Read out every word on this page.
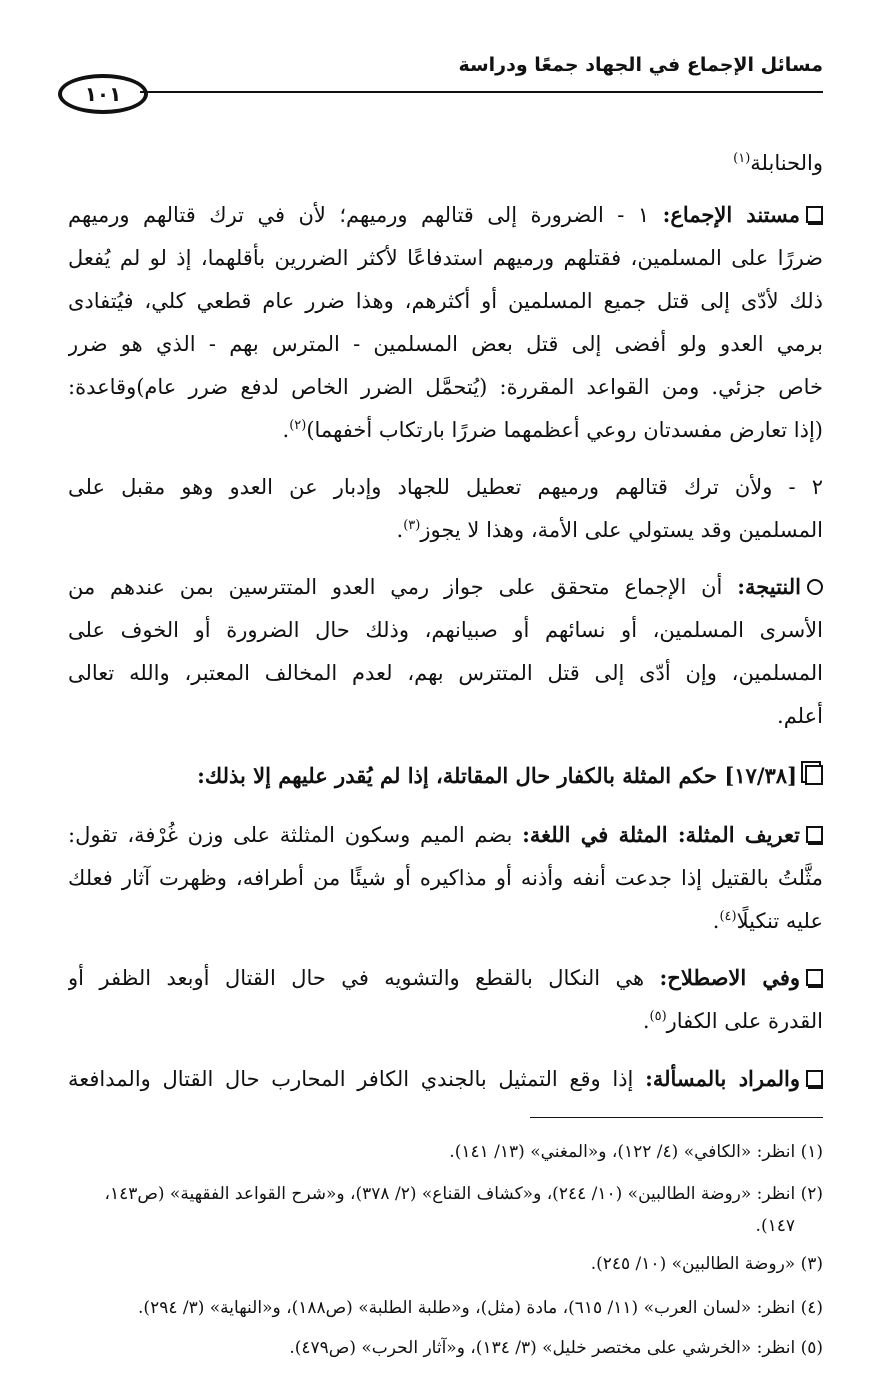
مسائل الإجماع في الجهاد جمعًا ودراسة
١٠١
والحنابلة$^{(١)}$
مستند الإجماع: ١ - الضرورة إلى قتالهم ورميهم؛ لأن في ترك قتالهم ورميهم
ضررًا على المسلمين، فقتلهم ورميهم استدفاعًا لأكثر الضررين بأقلهما، إذ لو لم يُفعل
ذلك لأدّى إلى قتل جميع المسلمين أو أكثرهم، وهذا ضرر عام قطعي كلي، فيُتفادى
برمي العدو ولو أفضى إلى قتل بعض المسلمين - المترس بهم - الذي هو ضرر
خاص جزئي. ومن القواعد المقررة: (يُتحمَّل الضرر الخاص لدفع ضرر عام)وقاعدة:
(إذا تعارض مفسدتان روعي أعظمهما ضررًا بارتكاب أخفهما)$^{(٢)}$.
٢ - ولأن ترك قتالهم ورميهم تعطيل للجهاد وإدبار عن العدو وهو مقبل على
المسلمين وقد يستولي على الأمة، وهذا لا يجوز$^{(٣)}$.
النتيجة: أن الإجماع متحقق على جواز رمي العدو المتترسين بمن عندهم من
الأسرى المسلمين، أو نسائهم أو صبيانهم، وذلك حال الضرورة أو الخوف على
المسلمين، وإن أدّى إلى قتل المتترس بهم، لعدم المخالف المعتبر، والله تعالى
أعلم.
[١٧/٣٨] حكم المثلة بالكفار حال المقاتلة، إذا لم يُقدر عليهم إلا بذلك:
تعريف المثلة: المثلة في اللغة: بضم الميم وسكون المثلثة على وزن غُرْفة، تقول:
مثَّلتُ بالقتيل إذا جدعت أنفه وأذنه أو مذاكيره أو شيئًا من أطرافه، وظهرت آثار فعلك
عليه تنكيلًا$^{(٤)}$.
وفي الاصطلاح: هي النكال بالقطع والتشويه في حال القتال أوبعد الظفر أو
القدرة على الكفار$^{(٥)}$.
والمراد بالمسألة: إذا وقع التمثيل بالجندي الكافر المحارب حال القتال والمدافعة
(١) انظر: «الكافي» (٤/ ١٢٢)، و«المغني» (١٣/ ١٤١).
(٢) انظر: «روضة الطالبين» (١٠/ ٢٤٤)، و«كشاف القناع» (٢/ ٣٧٨)، و«شرح القواعد الفقهية» (ص١٤٣،
١٤٧).
(٣) «روضة الطالبين» (١٠/ ٢٤٥).
(٤) انظر: «لسان العرب» (١١/ ٦١٥)، مادة (مثل)، و«طلبة الطلبة» (ص١٨٨)، و«النهاية» (٣/ ٢٩٤).
(٥) انظر: «الخرشي على مختصر خليل» (٣/ ١٣٤)، و«آثار الحرب» (ص٤٧٩).
